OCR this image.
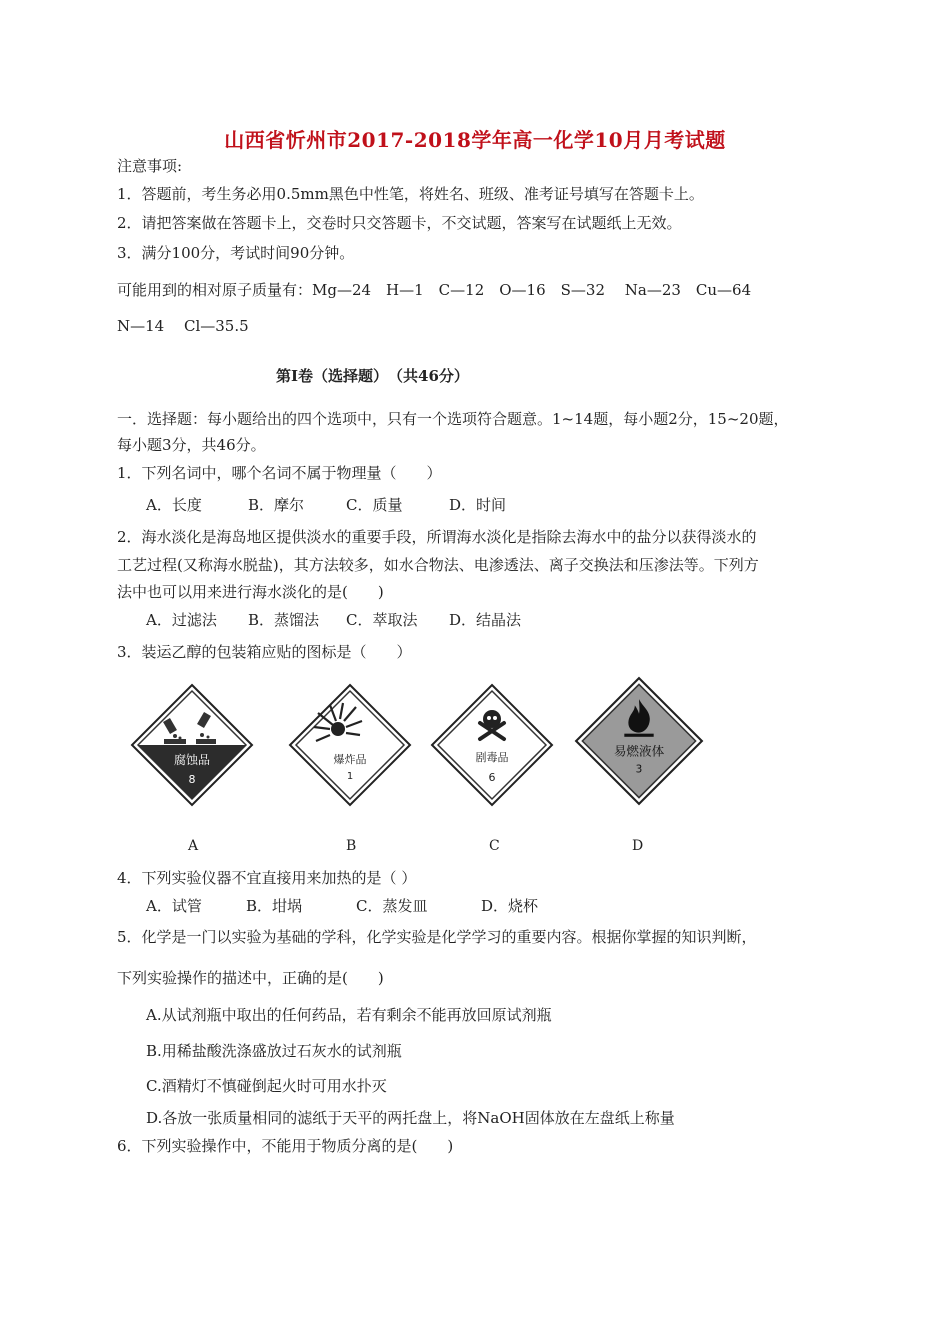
山西省忻州市2017-2018学年高一化学10月月考试题
注意事项:
1．答题前，考生务必用0.5mm黑色中性笔，将姓名、班级、准考证号填写在答题卡上。
2．请把答案做在答题卡上，交卷时只交答题卡，不交试题，答案写在试题纸上无效。
3．满分100分，考试时间90分钟。
可能用到的相对原子质量有：Mg—24　H—1　C—12　O—16　S—32　 Na—23　Cu—64
N—14　 Cl—35.5
第Ⅰ卷（选择题）　（共46分）
一．选择题：每小题给出的四个选项中，只有一个选项符合题意。1~14题，每小题2分，15~20题，
每小题3分，共46分。
1．下列名词中，哪个名词不属于物理量（　　）
A．长度	B．摩尔	C．质量	D．时间
2．海水淡化是海岛地区提供淡水的重要手段，所谓海水淡化是指除去海水中的盐分以获得淡水的
工艺过程(又称海水脱盐)，其方法较多，如水合物法、电渗透法、离子交换法和压渗法等。下列方
法中也可以用来进行海水淡化的是(　　)
A．过滤法 B．蒸馏法 C．萃取法 D．结晶法
3．装运乙醇的包装箱应贴的图标是（　　）
腐蚀品
8
爆炸品
1
剧毒品
6
易燃液体
3
A	B	C	D
4．下列实验仪器不宜直接用来加热的是（ ）
A．试管	B．坩埚	C．蒸发皿	D．烧杯
5．化学是一门以实验为基础的学科，化学实验是化学学习的重要内容。根据你掌握的知识判断，
下列实验操作的描述中，正确的是(　　)
A.从试剂瓶中取出的任何药品，若有剩余不能再放回原试剂瓶
B.用稀盐酸洗涤盛放过石灰水的试剂瓶
C.酒精灯不慎碰倒起火时可用水扑灭
D.各放一张质量相同的滤纸于天平的两托盘上，将NaOH固体放在左盘纸上称量
6．下列实验操作中，不能用于物质分离的是(　　)
